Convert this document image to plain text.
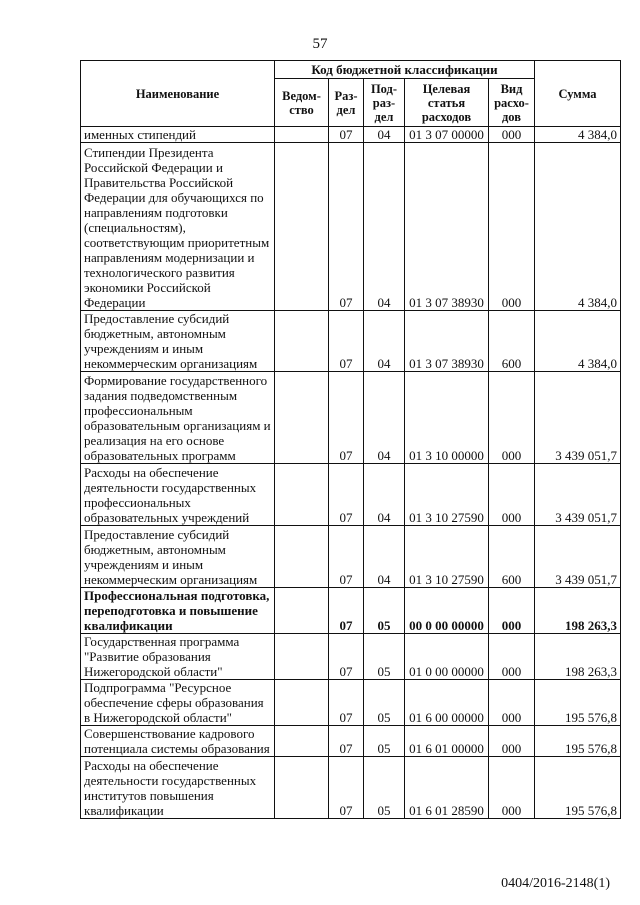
57
Наименование	Код бюджетной классификации					Сумма
	Ведом-ство	Раз-дел	Под-раз-дел	Целевая статья расходов	Вид расхо-дов	
именных стипендий		07	04	01 3 07 00000	000	4 384,0
Стипендии Президента Российской Федерации и Правительства Российской Федерации для обучающихся по направлениям подготовки (специальностям), соответствующим приоритетным направлениям модернизации и технологического развития экономики Российской Федерации		07	04	01 3 07 38930	000	4 384,0
Предоставление субсидий бюджетным, автономным учреждениям и иным некоммерческим организациям		07	04	01 3 07 38930	600	4 384,0
Формирование государственного задания подведомственным профессиональным образовательным организациям и реализация на его основе образовательных программ		07	04	01 3 10 00000	000	3 439 051,7
Расходы на обеспечение деятельности государственных профессиональных образовательных учреждений		07	04	01 3 10 27590	000	3 439 051,7
Предоставление субсидий бюджетным, автономным учреждениям и иным некоммерческим организациям		07	04	01 3 10 27590	600	3 439 051,7
Профессиональная подготовка, переподготовка и повышение квалификации		07	05	00 0 00 00000	000	198 263,3
Государственная программа "Развитие образования Нижегородской области"		07	05	01 0 00 00000	000	198 263,3
Подпрограмма "Ресурсное обеспечение сферы образования в Нижегородской области"		07	05	01 6 00 00000	000	195 576,8
Совершенствование кадрового потенциала системы образования		07	05	01 6 01 00000	000	195 576,8
Расходы на обеспечение деятельности государственных институтов повышения квалификации		07	05	01 6 01 28590	000	195 576,8
0404/2016-2148(1)
